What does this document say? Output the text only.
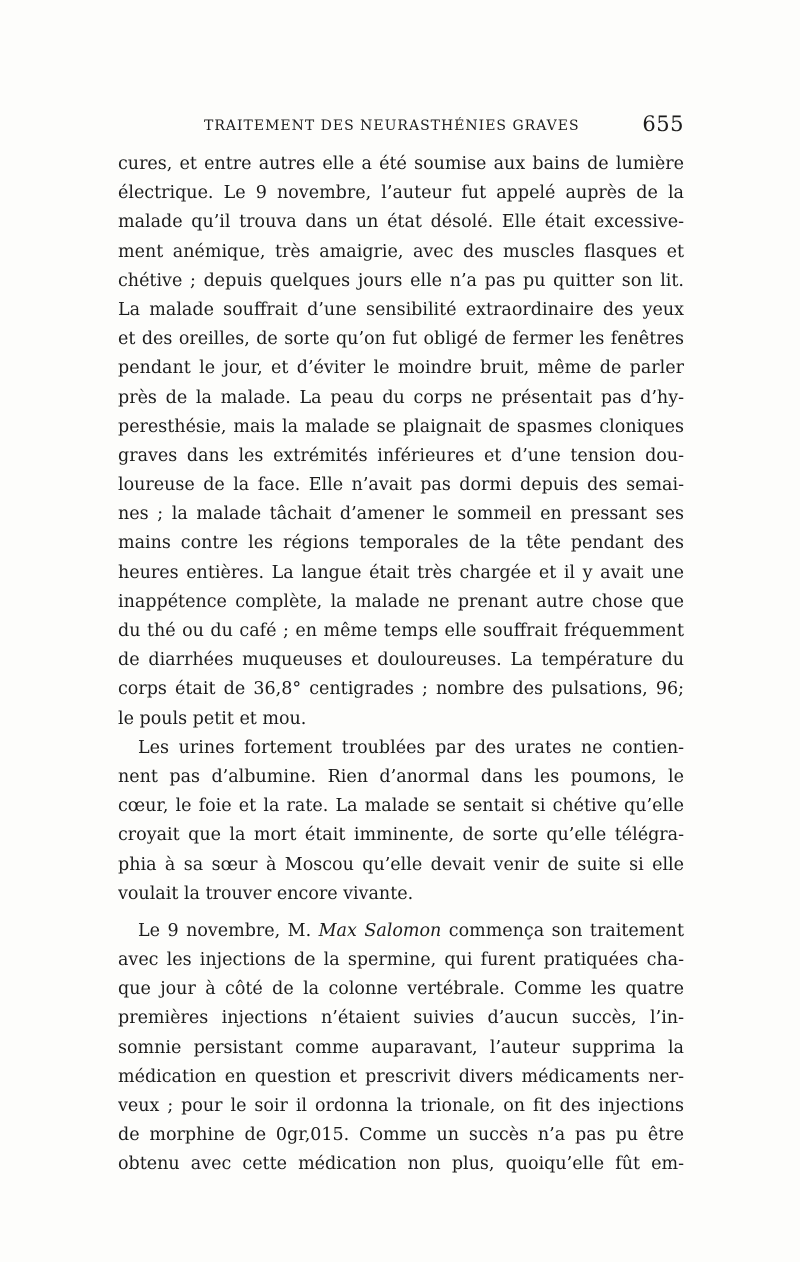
TRAITEMENT DES NEURASTHÉNIES GRAVES	655
cures, et entre autres elle a été soumise aux bains de lumière
électrique. Le 9 novembre, l’auteur fut appelé auprès de la
malade qu’il trouva dans un état désolé. Elle était excessive-
ment anémique, très amaigrie, avec des muscles flasques et
chétive ; depuis quelques jours elle n’a pas pu quitter son lit.
La malade souffrait d’une sensibilité extraordinaire des yeux
et des oreilles, de sorte qu’on fut obligé de fermer les fenêtres
pendant le jour, et d’éviter le moindre bruit, même de parler
près de la malade. La peau du corps ne présentait pas d’hy-
peresthésie, mais la malade se plaignait de spasmes cloniques
graves dans les extrémités inférieures et d’une tension dou-
loureuse de la face. Elle n’avait pas dormi depuis des semai-
nes ; la malade tâchait d’amener le sommeil en pressant ses
mains contre les régions temporales de la tête pendant des
heures entières. La langue était très chargée et il y avait une
inappétence complète, la malade ne prenant autre chose que
du thé ou du café ; en même temps elle souffrait fréquemment
de diarrhées muqueuses et douloureuses. La température du
corps était de 36,8° centigrades ; nombre des pulsations, 96;
le pouls petit et mou.
Les urines fortement troublées par des urates ne contien-
nent pas d’albumine. Rien d’anormal dans les poumons, le
cœur, le foie et la rate. La malade se sentait si chétive qu’elle
croyait que la mort était imminente, de sorte qu’elle télégra-
phia à sa sœur à Moscou qu’elle devait venir de suite si elle
voulait la trouver encore vivante.
Le 9 novembre, M. Max Salomon commença son traitement
avec les injections de la spermine, qui furent pratiquées cha-
que jour à côté de la colonne vertébrale. Comme les quatre
premières injections n’étaient suivies d’aucun succès, l’in-
somnie persistant comme auparavant, l’auteur supprima la
médication en question et prescrivit divers médicaments ner-
veux ; pour le soir il ordonna la trionale, on fit des injections
de morphine de 0gr,015. Comme un succès n’a pas pu être
obtenu avec cette médication non plus, quoiqu’elle fût em-
